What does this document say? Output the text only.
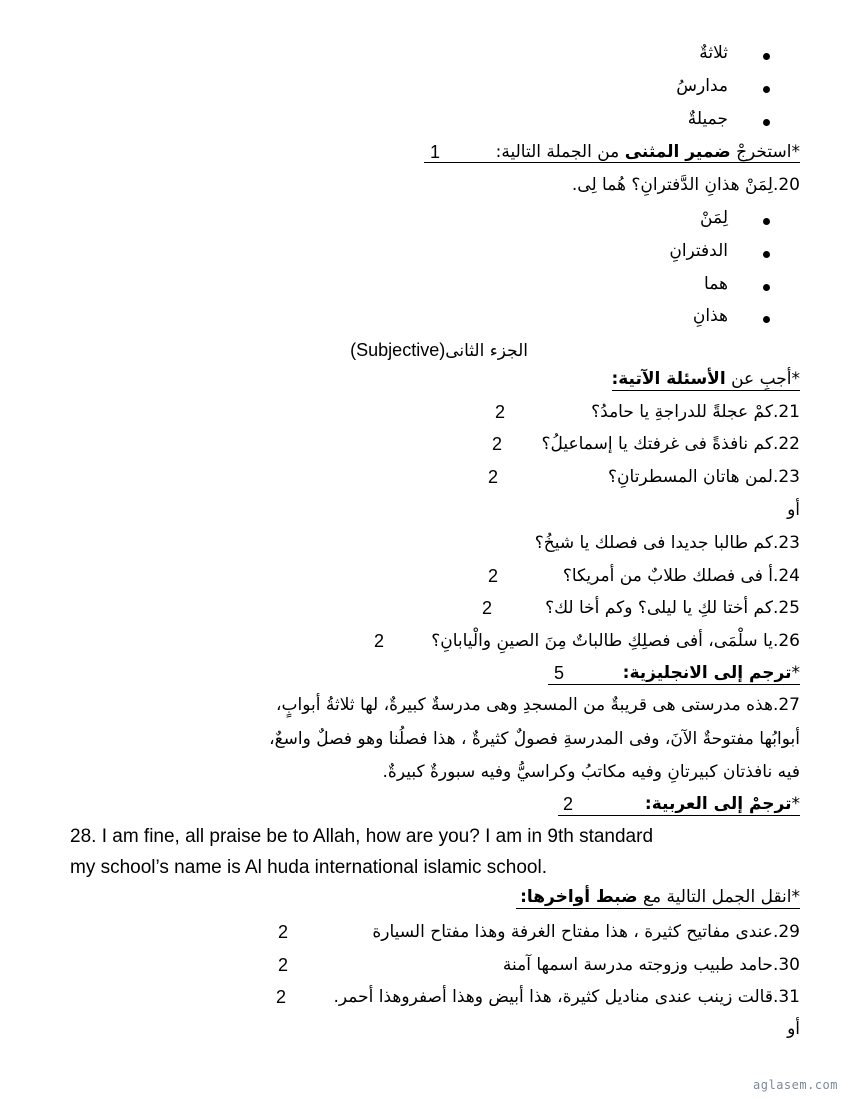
ثلاثةٌ
مدارسُ
جميلةٌ
*استخرجْ ضمير المثنى من الجملة التالية:
1
20.لِمَنْ هذانِ الدَّفترانِ؟ هُما لِى.
لِمَنْ
الدفترانِ
هما
هذانِ
الجزء الثانى(Subjective)
*أجبِ عن الأسئلة الآتية:
21.كمْ عجلةً للدراجةِ يا حامدُ؟
2
22.كم نافذةً فى غرفتك يا إسماعيلُ؟
2
23.لمن هاتان المسطرتانِ؟
2
أو
23.كم طالبا جديدا فى فصلك يا شيخُ؟
24.أ فى فصلك طلابٌ من أمريكا؟
2
25.كم أختا لكِ يا ليلى؟ وكم أخا لك؟
2
26.يا سلْمَى، أفى فصلِكِ طالباتٌ مِنَ الصينِ والْيابانِ؟
2
*ترجم إلى الانجليزية:
5
27.هذه مدرستى هى قريبةٌ من المسجدِ وهى مدرسةٌ كبيرةٌ، لها ثلاثةُ أبوابٍ،
أبوابُها مفتوحةٌ الآنَ، وفى المدرسةِ فصولٌ كثيرةٌ ، هذا فصلُنا وهو فصلٌ واسعٌ،
فيه نافذتان كبيرتانِ وفيه مكاتبُ وكراسيُّ وفيه سبورةٌ كبيرةٌ.
*ترجمْ إلى العربية:
2
28. I am fine, all praise be to Allah, how are you? I am in 9th standard
my school’s name is Al huda international islamic school.
*انقل الجمل التالية مع ضبط أواخرها:
29.عندى مفاتيح كثيرة ، هذا مفتاح الغرفة وهذا مفتاح السيارة
2
30.حامد طبيب وزوجته مدرسة اسمها آمنة
2
31.قالت زينب عندى مناديل كثيرة، هذا أبيض وهذا أصفروهذا أحمر.
2
أو
aglasem.com
